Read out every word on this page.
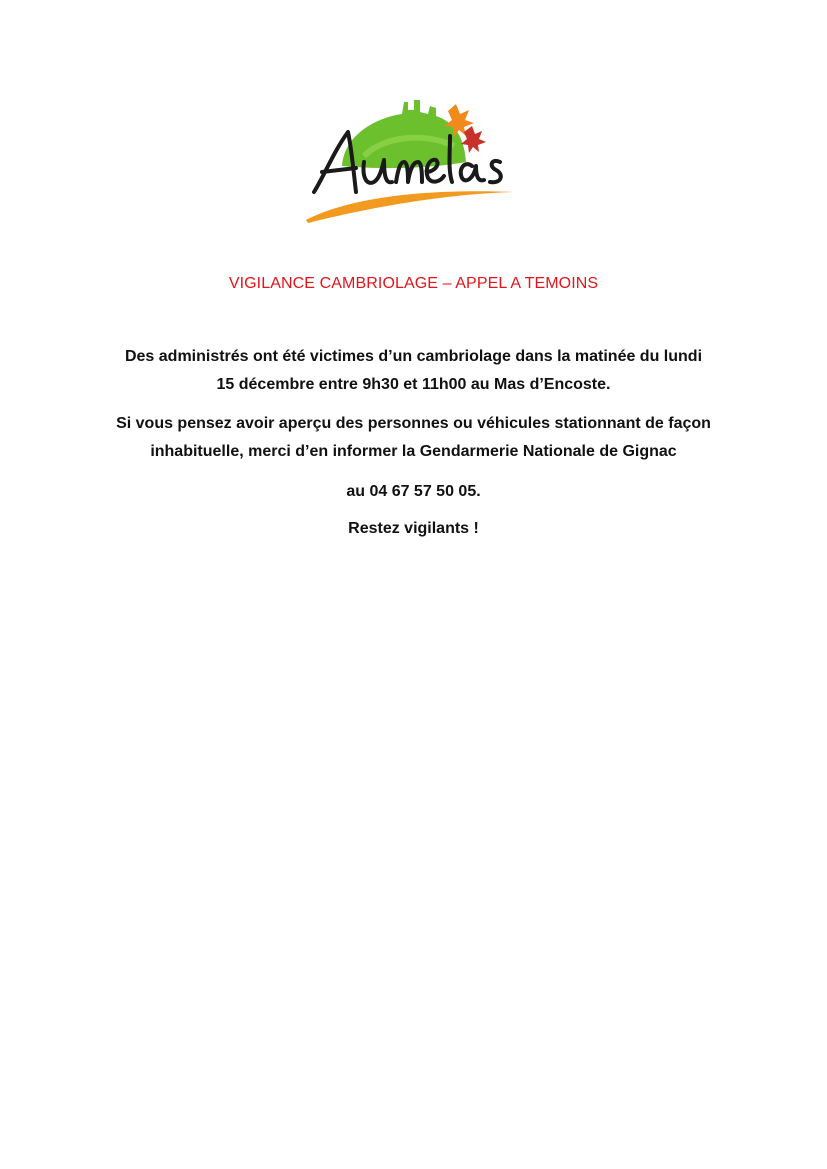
VIGILANCE CAMBRIOLAGE – APPEL A TEMOINS
Des administrés ont été victimes d’un cambriolage dans la matinée du lundi
15 décembre entre 9h30 et 11h00 au Mas d’Encoste.
Si vous pensez avoir aperçu des personnes ou véhicules stationnant de façon
inhabituelle, merci d’en informer la Gendarmerie Nationale de Gignac
au 04 67 57 50 05.
Restez vigilants !
